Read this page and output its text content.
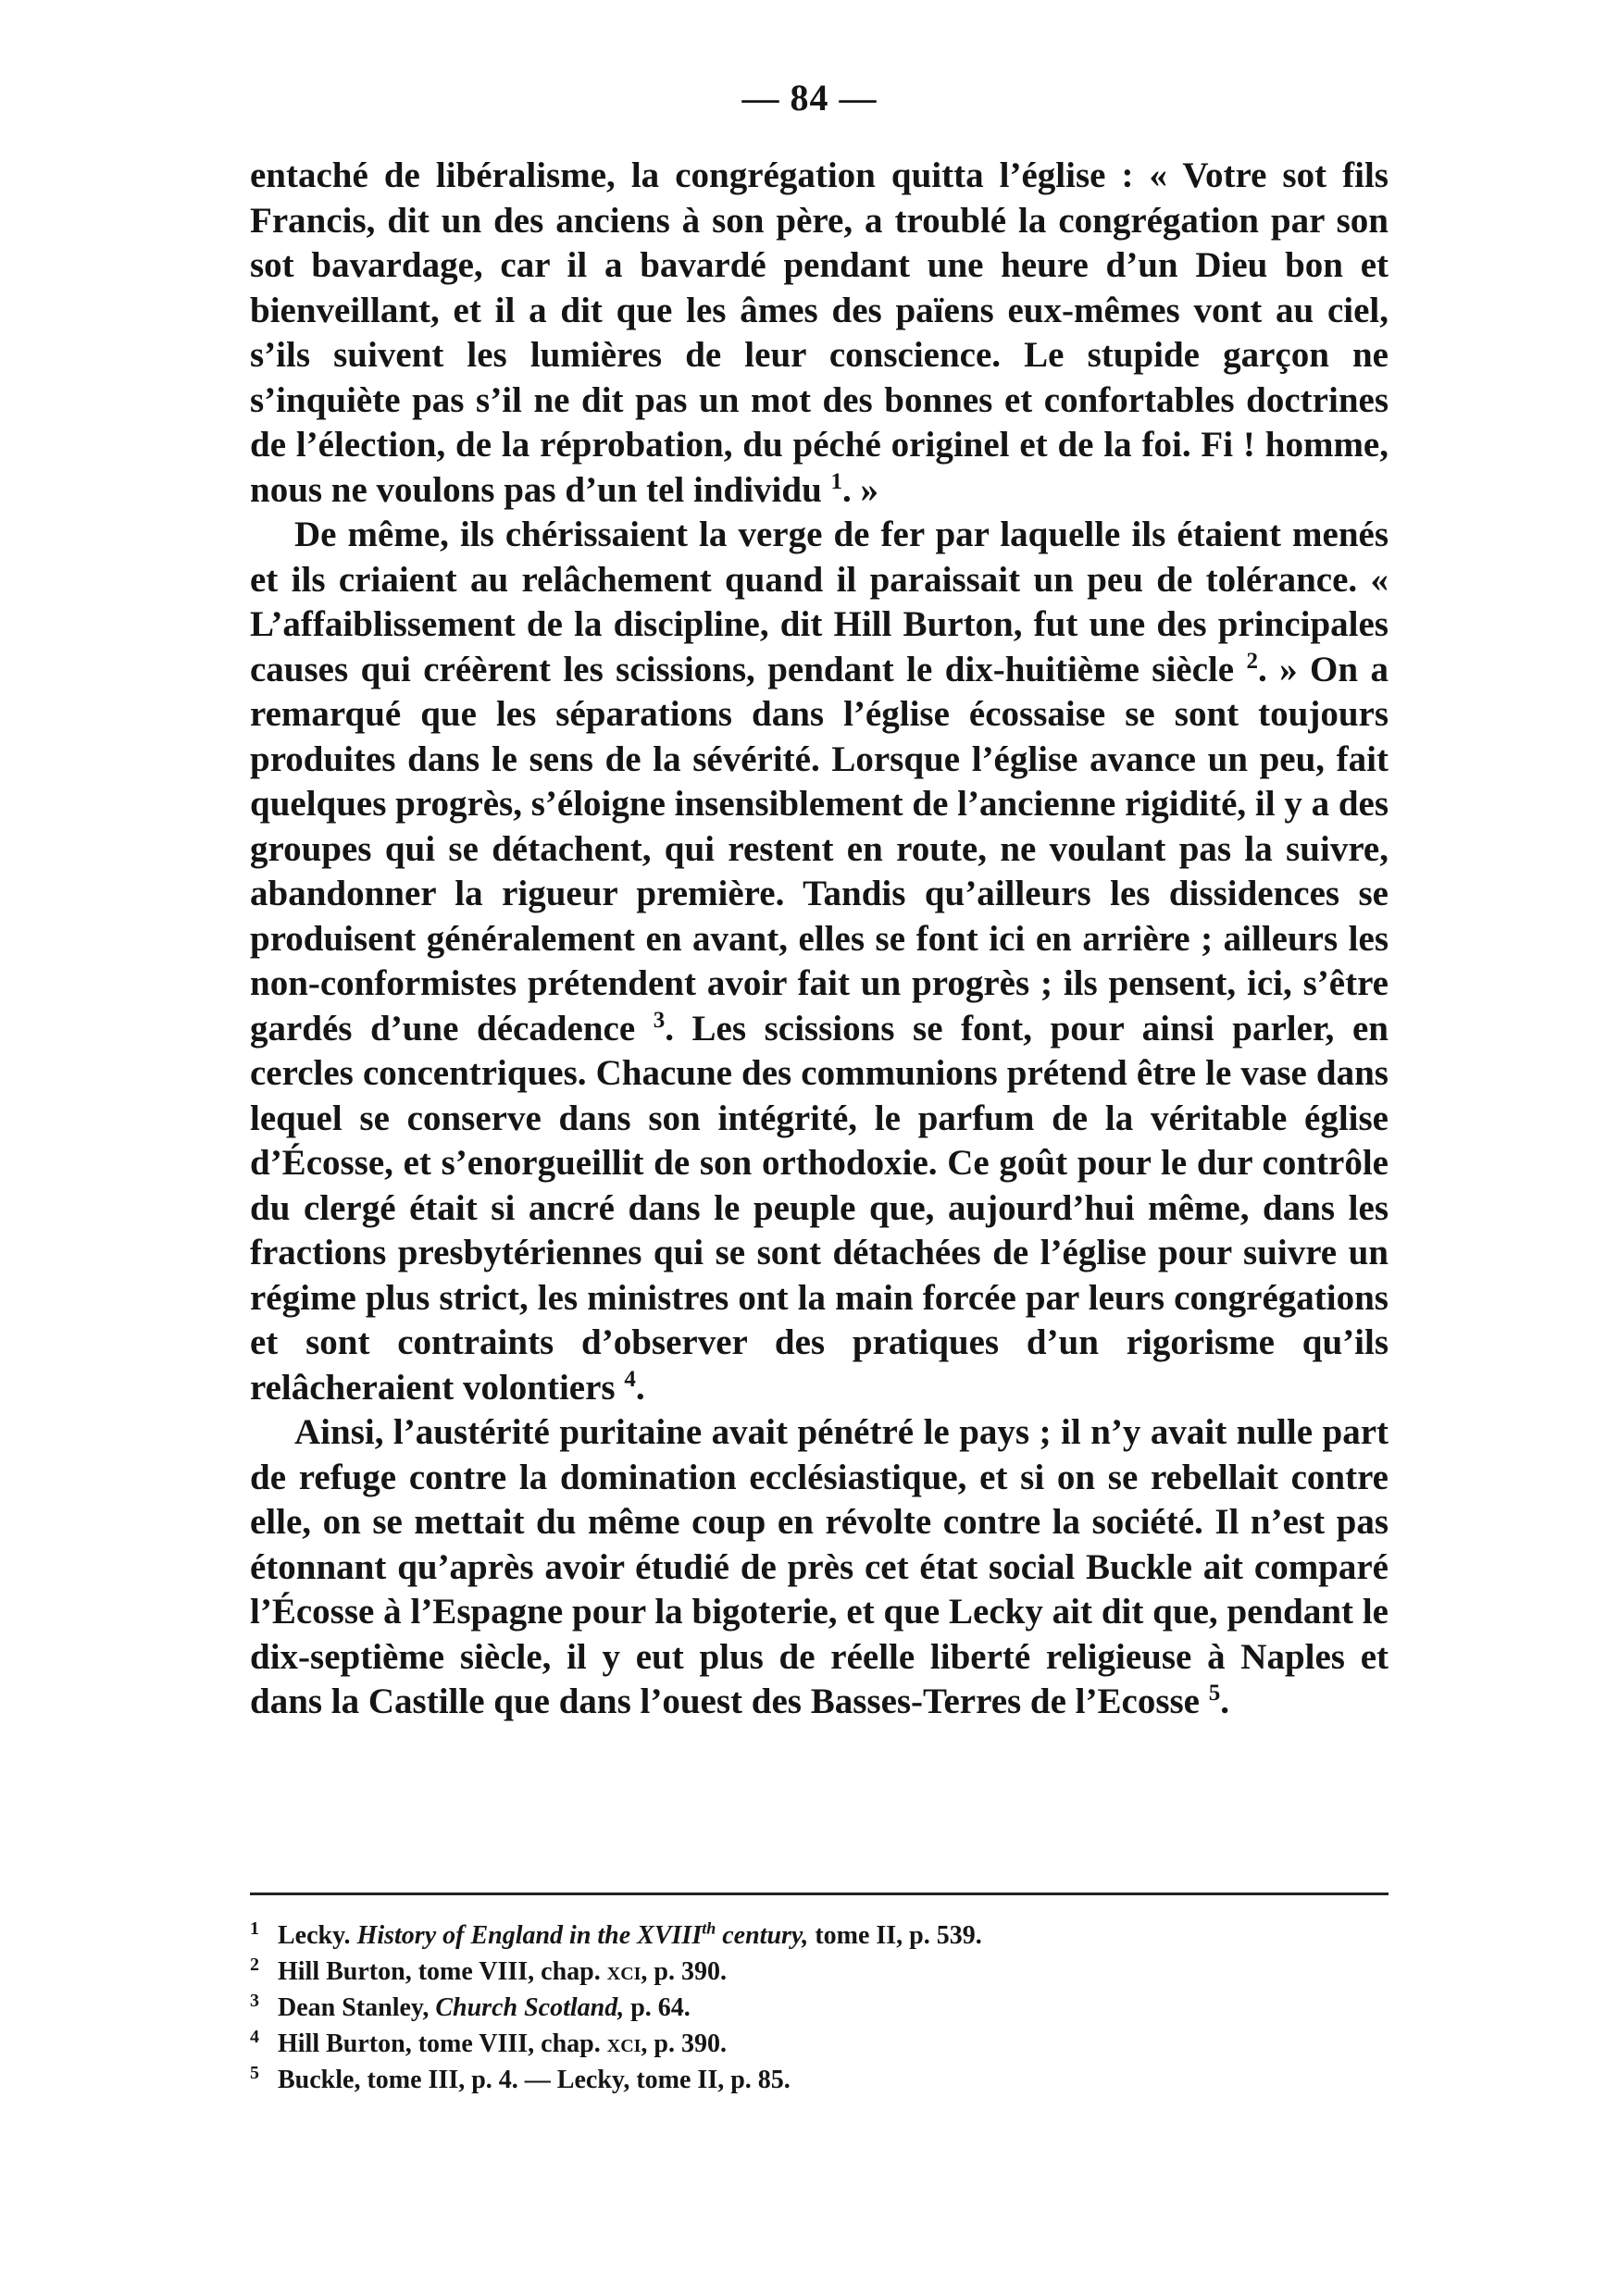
— 84 —

entaché de libéralisme, la congrégation quitta l’église : « Votre sot fils Francis, dit un des anciens à son père, a troublé la congrégation par son sot bavardage, car il a bavardé pendant une heure d’un Dieu bon et bienveillant, et il a dit que les âmes des païens eux-mêmes vont au ciel, s’ils suivent les lumières de leur conscience. Le stupide garçon ne s’inquiète pas s’il ne dit pas un mot des bonnes et confortables doctrines de l’élection, de la réprobation, du péché originel et de la foi. Fi ! homme, nous ne voulons pas d’un tel individu $^1$. »

De même, ils chérissaient la verge de fer par laquelle ils étaient menés et ils criaient au relâchement quand il paraissait un peu de tolérance. « L’affaiblissement de la discipline, dit Hill Burton, fut une des principales causes qui créèrent les scissions, pendant le dix-huitième siècle $^2$. » On a remarqué que les séparations dans l’église écossaise se sont toujours produites dans le sens de la sévérité. Lorsque l’église avance un peu, fait quelques progrès, s’éloigne insensiblement de l’ancienne rigidité, il y a des groupes qui se détachent, qui restent en route, ne voulant pas la suivre, abandonner la rigueur première. Tandis qu’ailleurs les dissidences se produisent généralement en avant, elles se font ici en arrière ; ailleurs les non-conformistes prétendent avoir fait un progrès ; ils pensent, ici, s’être gardés d’une décadence $^3$. Les scissions se font, pour ainsi parler, en cercles concentriques. Chacune des communions prétend être le vase dans lequel se conserve dans son intégrité, le parfum de la véritable église d’Écosse, et s’enorgueillit de son orthodoxie. Ce goût pour le dur contrôle du clergé était si ancré dans le peuple que, aujourd’hui même, dans les fractions presbytériennes qui se sont détachées de l’église pour suivre un régime plus strict, les ministres ont la main forcée par leurs congrégations et sont contraints d’observer des pratiques d’un rigorisme qu’ils relâcheraient volontiers $^4$.

Ainsi, l’austérité puritaine avait pénétré le pays ; il n’y avait nulle part de refuge contre la domination ecclésiastique, et si on se rebellait contre elle, on se mettait du même coup en révolte contre la société. Il n’est pas étonnant qu’après avoir étudié de près cet état social Buckle ait comparé l’Écosse à l’Espagne pour la bigoterie, et que Lecky ait dit que, pendant le dix-septième siècle, il y eut plus de réelle liberté religieuse à Naples et dans la Castille que dans l’ouest des Basses-Terres de l’Ecosse $^5$.

1 Lecky. History of England in the XVIIIth century, tome II, p. 539.
2 Hill Burton, tome VIII, chap. xci, p. 390.
3 Dean Stanley, Church Scotland, p. 64.
4 Hill Burton, tome VIII, chap. xci, p. 390.
5 Buckle, tome III, p. 4. — Lecky, tome II, p. 85.
